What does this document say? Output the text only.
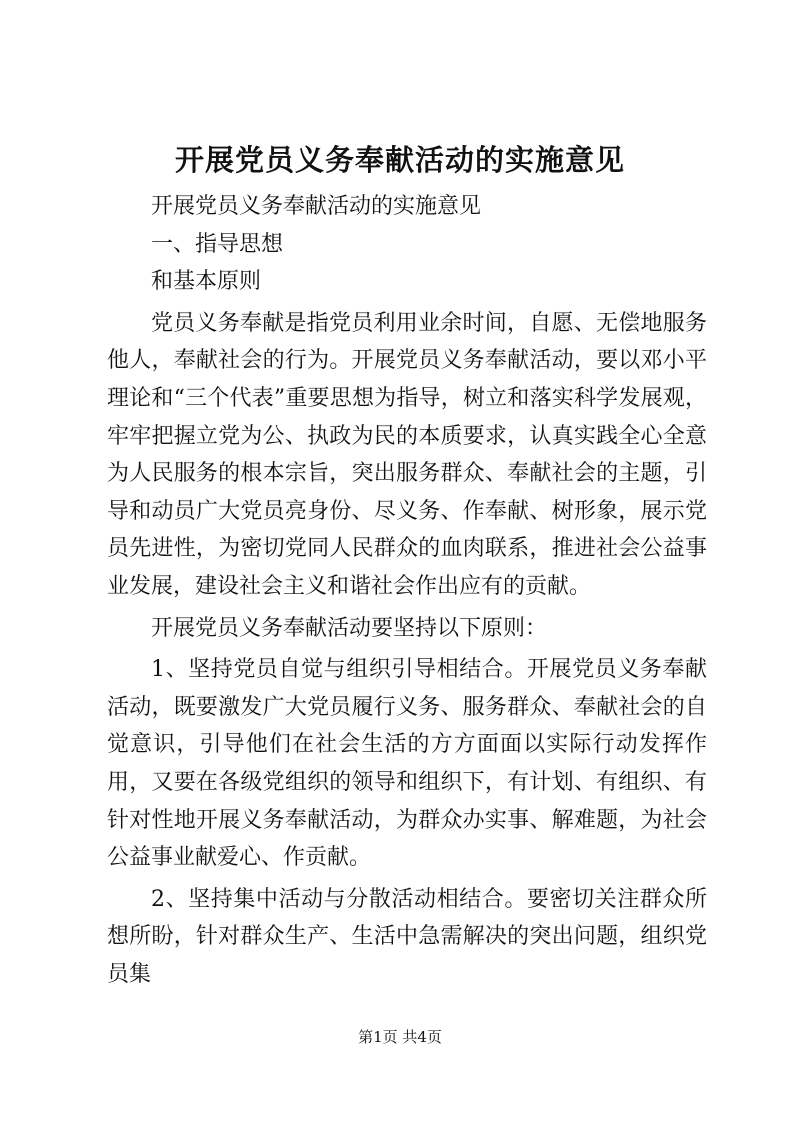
开展党员义务奉献活动的实施意见

开展党员义务奉献活动的实施意见

一、指导思想

和基本原则

党员义务奉献是指党员利用业余时间，自愿、无偿地服务他人，奉献社会的行为。开展党员义务奉献活动，要以邓小平理论和“三个代表”重要思想为指导，树立和落实科学发展观，牢牢把握立党为公、执政为民的本质要求，认真实践全心全意为人民服务的根本宗旨，突出服务群众、奉献社会的主题，引导和动员广大党员亮身份、尽义务、作奉献、树形象，展示党员先进性，为密切党同人民群众的血肉联系，推进社会公益事业发展，建设社会主义和谐社会作出应有的贡献。

开展党员义务奉献活动要坚持以下原则：

1、坚持党员自觉与组织引导相结合。开展党员义务奉献活动，既要激发广大党员履行义务、服务群众、奉献社会的自觉意识，引导他们在社会生活的方方面面以实际行动发挥作用，又要在各级党组织的领导和组织下，有计划、有组织、有针对性地开展义务奉献活动，为群众办实事、解难题，为社会公益事业献爱心、作贡献。

2、坚持集中活动与分散活动相结合。要密切关注群众所想所盼，针对群众生产、生活中急需解决的突出问题，组织党员集

第1页 共4页
